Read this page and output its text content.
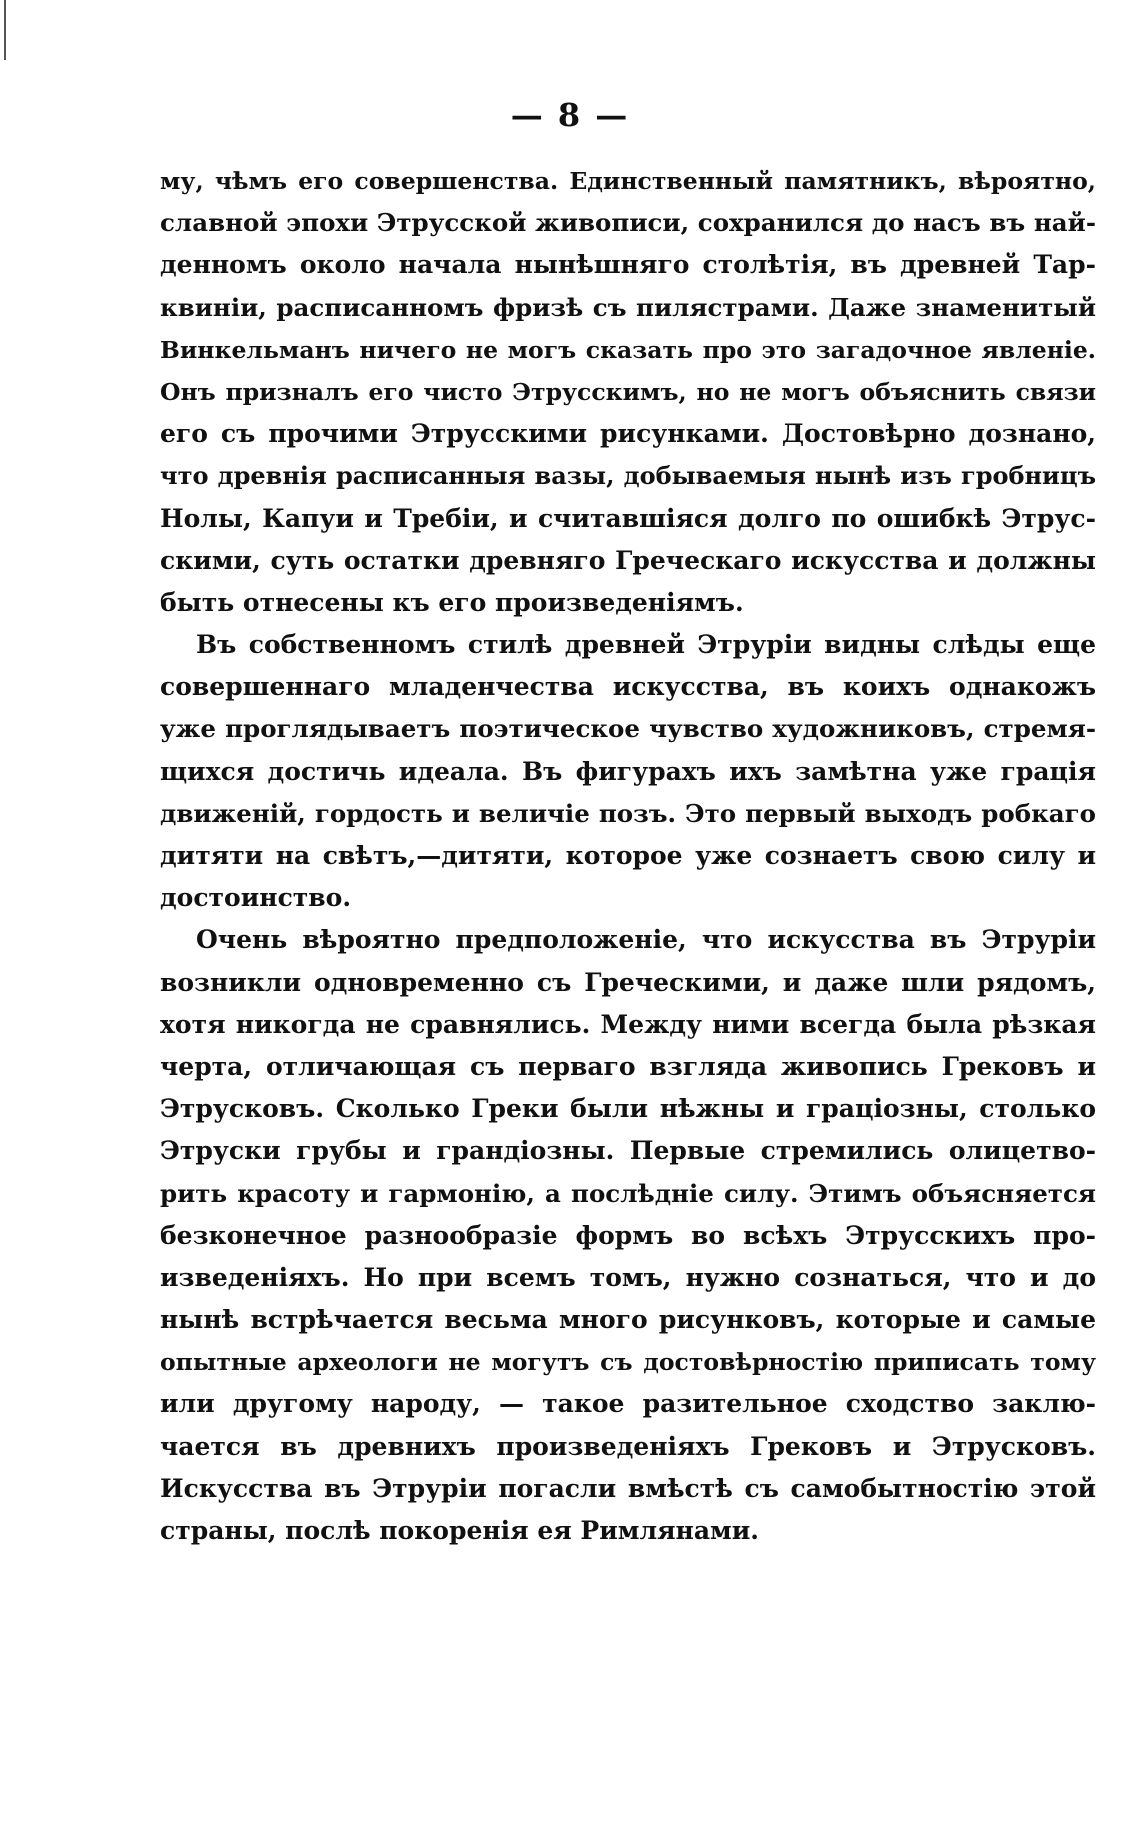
— 8 —
му, чѣмъ его совершенства. Единственный памятникъ, вѣроятно,
славной эпохи Этрусской живописи, сохранился до насъ въ най-
денномъ около начала нынѣшняго столѣтія, въ древней Тар-
квиніи, расписанномъ фризѣ съ пилястрами. Даже знаменитый
Винкельманъ ничего не могъ сказать про это загадочное явленіе.
Онъ призналъ его чисто Этрусскимъ, но не могъ объяснить связи
его съ прочими Этрусскими рисунками. Достовѣрно дознано,
что древнія расписанныя вазы, добываемыя нынѣ изъ гробницъ
Нолы, Капуи и Требіи, и считавшіяся долго по ошибкѣ Этрус-
скими, суть остатки древняго Греческаго искусства и должны
быть отнесены къ его произведеніямъ.
Въ собственномъ стилѣ древней Этруріи видны слѣды еще
совершеннаго младенчества искусства, въ коихъ однакожъ
уже проглядываетъ поэтическое чувство художниковъ, стремя-
щихся достичь идеала. Въ фигурахъ ихъ замѣтна уже грація
движеній, гордость и величіе позъ. Это первый выходъ робкаго
дитяти на свѣтъ,—дитяти, которое уже сознаетъ свою силу и
достоинство.
Очень вѣроятно предположеніе, что искусства въ Этруріи
возникли одновременно съ Греческими, и даже шли рядомъ,
хотя никогда не сравнялись. Между ними всегда была рѣзкая
черта, отличающая съ перваго взгляда живопись Грековъ и
Этрусковъ. Сколько Греки были нѣжны и граціозны, столько
Этруски грубы и грандіозны. Первые стремились олицетво-
рить красоту и гармонію, а послѣдніе силу. Этимъ объясняется
безконечное разнообразіе формъ во всѣхъ Этрусскихъ про-
изведеніяхъ. Но при всемъ томъ, нужно сознаться, что и до
нынѣ встрѣчается весьма много рисунковъ, которые и самые
опытные археологи не могутъ съ достовѣрностію приписать тому
или другому народу, — такое разительное сходство заклю-
чается въ древнихъ произведеніяхъ Грековъ и Этрусковъ.
Искусства въ Этруріи погасли вмѣстѣ съ самобытностію этой
страны, послѣ покоренія ея Римлянами.
